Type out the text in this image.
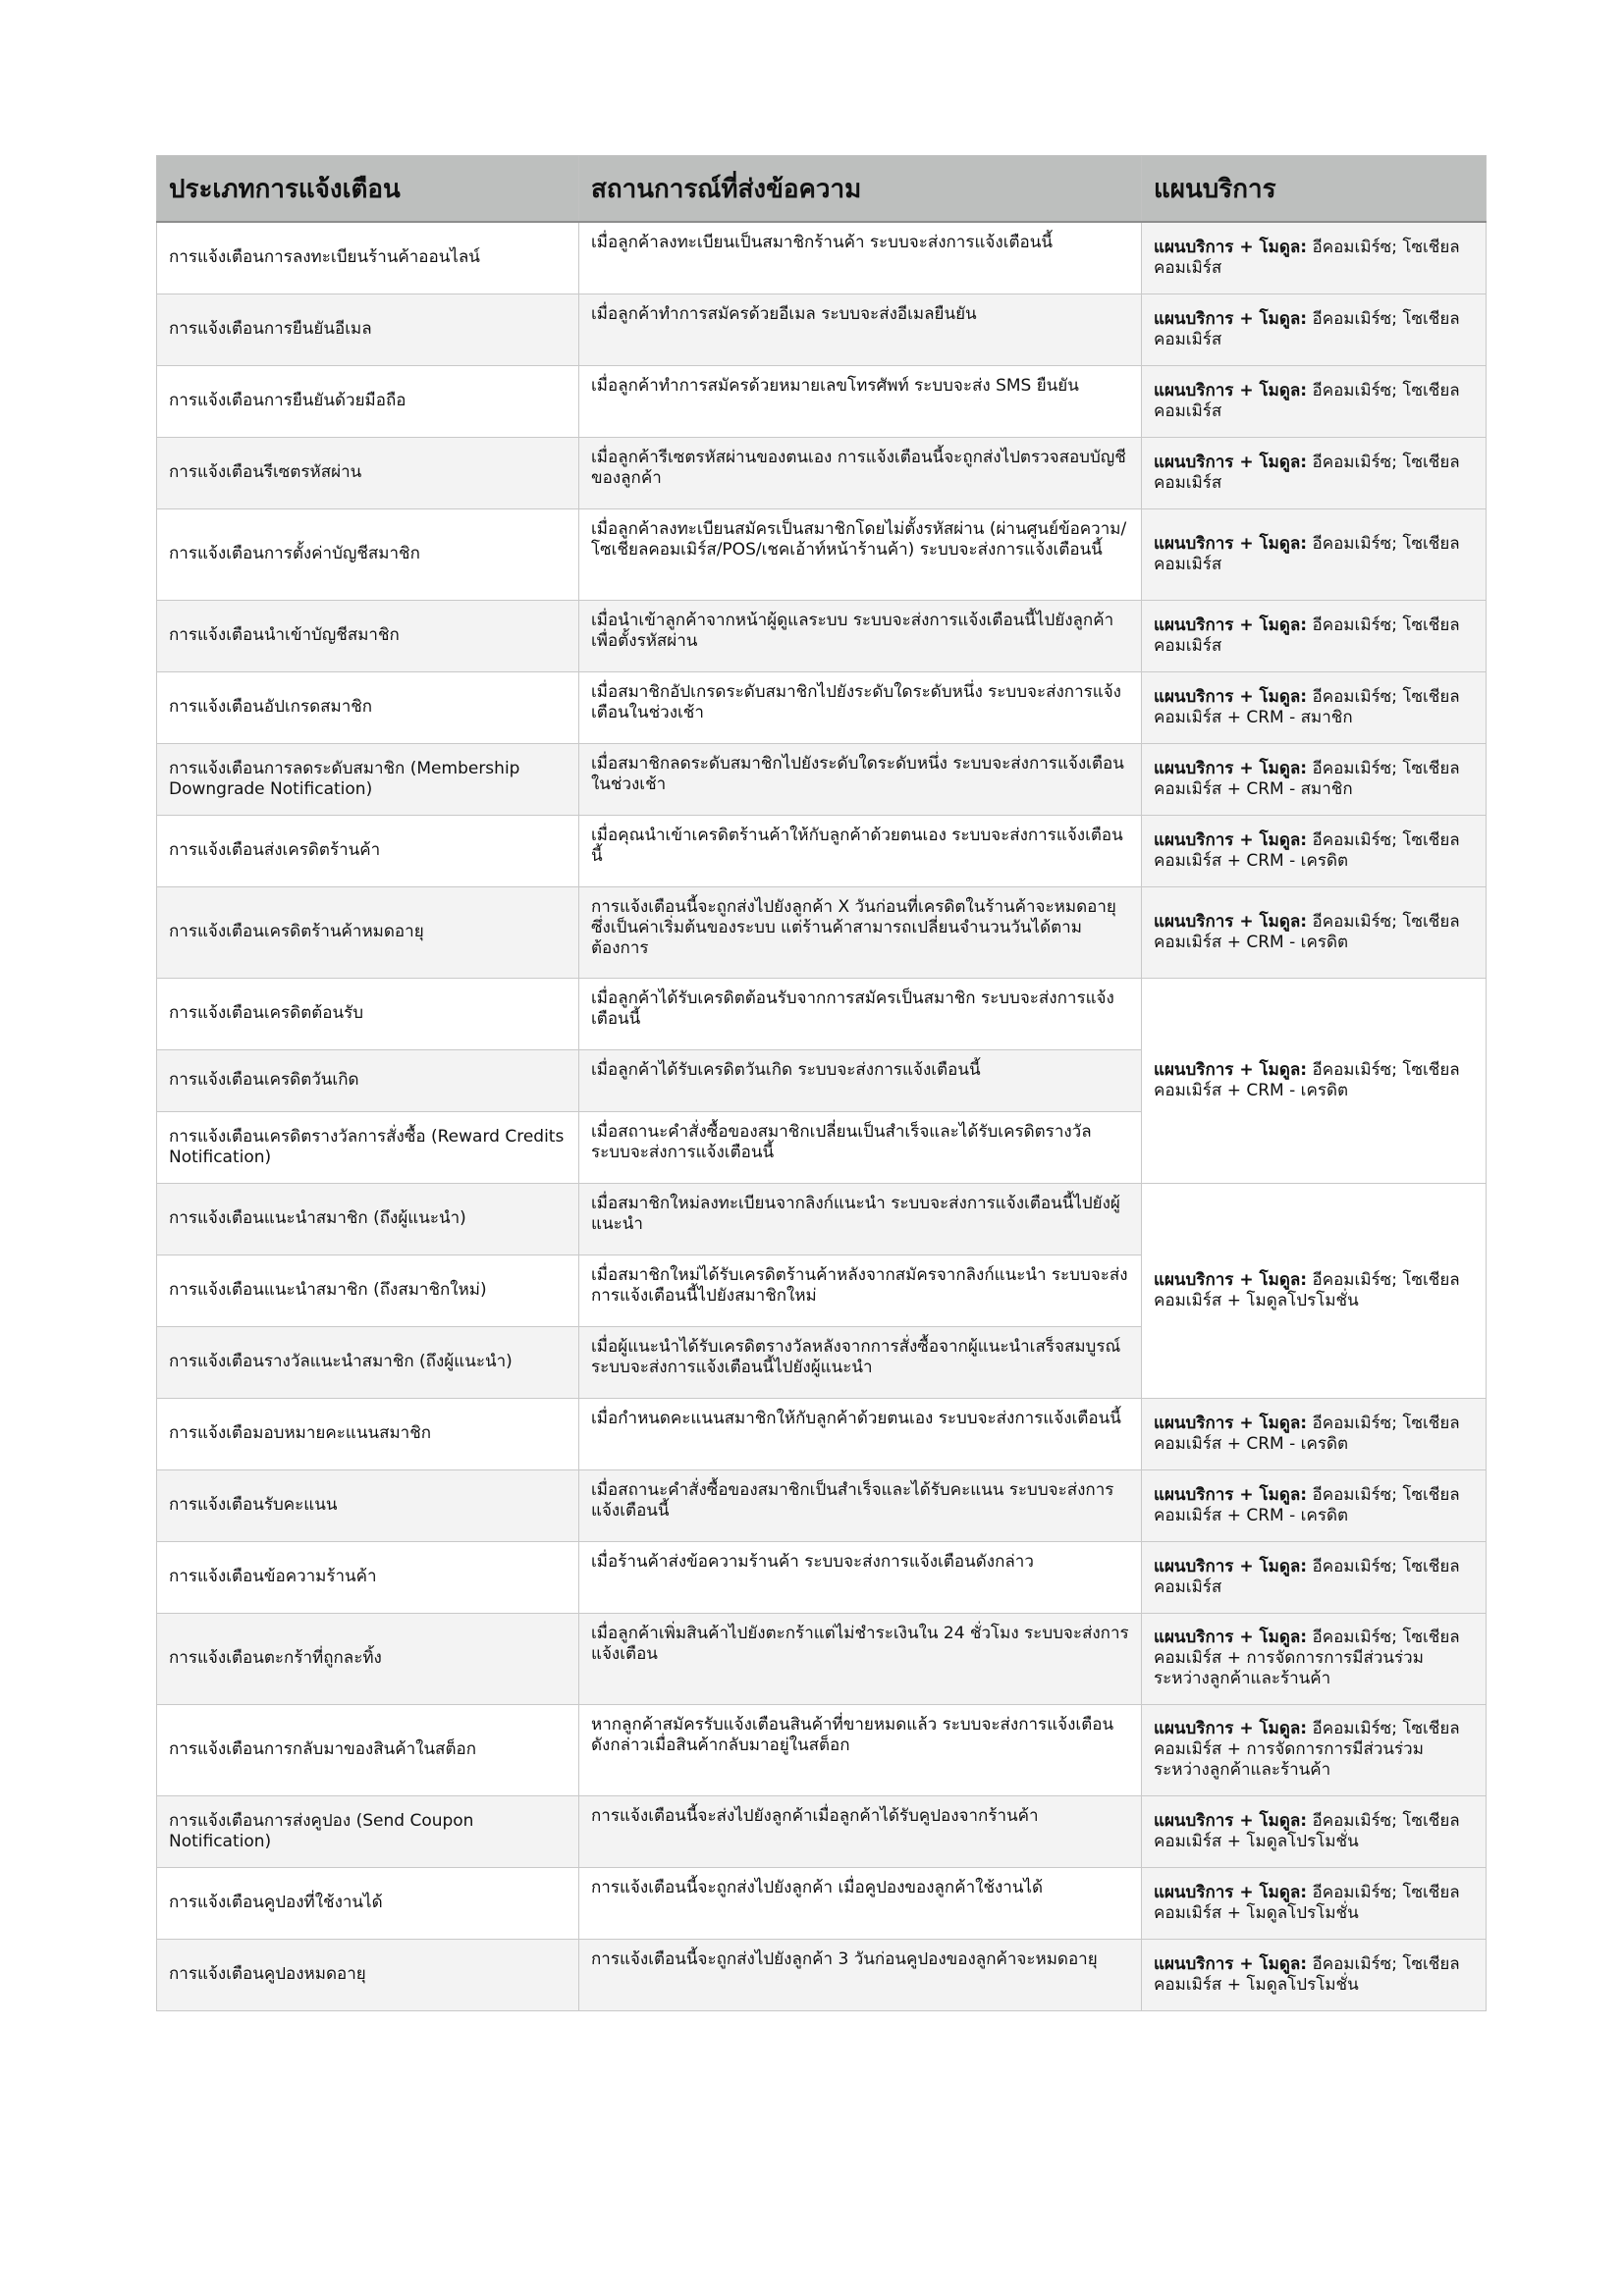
ประเภทการแจ้งเตือน	สถานการณ์ที่ส่งข้อความ	แผนบริการ
การแจ้งเตือนการลงทะเบียนร้านค้าออนไลน์	เมื่อลูกค้าลงทะเบียนเป็นสมาชิกร้านค้า ระบบจะส่งการแจ้งเตือนนี้	แผนบริการ + โมดูล: อีคอมเมิร์ซ; โซเชียลคอมเมิร์ส
การแจ้งเตือนการยืนยันอีเมล	เมื่อลูกค้าทำการสมัครด้วยอีเมล ระบบจะส่งอีเมลยืนยัน	แผนบริการ + โมดูล: อีคอมเมิร์ซ; โซเชียลคอมเมิร์ส
การแจ้งเตือนการยืนยันด้วยมือถือ	เมื่อลูกค้าทำการสมัครด้วยหมายเลขโทรศัพท์ ระบบจะส่ง SMS ยืนยัน	แผนบริการ + โมดูล: อีคอมเมิร์ซ; โซเชียลคอมเมิร์ส
การแจ้งเตือนรีเซตรหัสผ่าน	เมื่อลูกค้ารีเซตรหัสผ่านของตนเอง การแจ้งเตือนนี้จะถูกส่งไปตรวจสอบบัญชีของลูกค้า	แผนบริการ + โมดูล: อีคอมเมิร์ซ; โซเชียลคอมเมิร์ส
การแจ้งเตือนการตั้งค่าบัญชีสมาชิก	เมื่อลูกค้าลงทะเบียนสมัครเป็นสมาชิกโดยไม่ตั้งรหัสผ่าน (ผ่านศูนย์ข้อความ/โซเชียลคอมเมิร์ส/POS/เชคเอ้าท์หน้าร้านค้า) ระบบจะส่งการแจ้งเตือนนี้	แผนบริการ + โมดูล: อีคอมเมิร์ซ; โซเชียลคอมเมิร์ส
การแจ้งเตือนนำเข้าบัญชีสมาชิก	เมื่อนำเข้าลูกค้าจากหน้าผู้ดูแลระบบ ระบบจะส่งการแจ้งเตือนนี้ไปยังลูกค้าเพื่อตั้งรหัสผ่าน	แผนบริการ + โมดูล: อีคอมเมิร์ซ; โซเชียลคอมเมิร์ส
การแจ้งเตือนอัปเกรดสมาชิก	เมื่อสมาชิกอัปเกรดระดับสมาชิกไปยังระดับใดระดับหนึ่ง ระบบจะส่งการแจ้งเตือนในช่วงเช้า	แผนบริการ + โมดูล: อีคอมเมิร์ซ; โซเชียลคอมเมิร์ส + CRM - สมาชิก
การแจ้งเตือนการลดระดับสมาชิก (Membership Downgrade Notification)	เมื่อสมาชิกลดระดับสมาชิกไปยังระดับใดระดับหนึ่ง ระบบจะส่งการแจ้งเตือนในช่วงเช้า	แผนบริการ + โมดูล: อีคอมเมิร์ซ; โซเชียลคอมเมิร์ส + CRM - สมาชิก
การแจ้งเตือนส่งเครดิตร้านค้า	เมื่อคุณนำเข้าเครดิตร้านค้าให้กับลูกค้าด้วยตนเอง ระบบจะส่งการแจ้งเตือนนี้	แผนบริการ + โมดูล: อีคอมเมิร์ซ; โซเชียลคอมเมิร์ส + CRM - เครดิต
การแจ้งเตือนเครดิตร้านค้าหมดอายุ	การแจ้งเตือนนี้จะถูกส่งไปยังลูกค้า X วันก่อนที่เครดิตในร้านค้าจะหมดอายุซึ่งเป็นค่าเริ่มต้นของระบบ แต่ร้านค้าสามารถเปลี่ยนจำนวนวันได้ตามต้องการ	แผนบริการ + โมดูล: อีคอมเมิร์ซ; โซเชียลคอมเมิร์ส + CRM - เครดิต
การแจ้งเตือนเครดิตต้อนรับ	เมื่อลูกค้าได้รับเครดิตต้อนรับจากการสมัครเป็นสมาชิก ระบบจะส่งการแจ้งเตือนนี้	แผนบริการ + โมดูล: อีคอมเมิร์ซ; โซเชียลคอมเมิร์ส + CRM - เครดิต
การแจ้งเตือนเครดิตวันเกิด	เมื่อลูกค้าได้รับเครดิตวันเกิด ระบบจะส่งการแจ้งเตือนนี้	
การแจ้งเตือนเครดิตรางวัลการสั่งซื้อ (Reward Credits Notification)	เมื่อสถานะคำสั่งซื้อของสมาชิกเปลี่ยนเป็นสำเร็จและได้รับเครดิตรางวัล ระบบจะส่งการแจ้งเตือนนี้	
การแจ้งเตือนแนะนำสมาชิก (ถึงผู้แนะนำ)	เมื่อสมาชิกใหม่ลงทะเบียนจากลิงก์แนะนำ ระบบจะส่งการแจ้งเตือนนี้ไปยังผู้แนะนำ	แผนบริการ + โมดูล: อีคอมเมิร์ซ; โซเชียลคอมเมิร์ส + โมดูลโปรโมชั่น
การแจ้งเตือนแนะนำสมาชิก (ถึงสมาชิกใหม่)	เมื่อสมาชิกใหม่ได้รับเครดิตร้านค้าหลังจากสมัครจากลิงก์แนะนำ ระบบจะส่งการแจ้งเตือนนี้ไปยังสมาชิกใหม่	
การแจ้งเตือนรางวัลแนะนำสมาชิก (ถึงผู้แนะนำ)	เมื่อผู้แนะนำได้รับเครดิตรางวัลหลังจากการสั่งซื้อจากผู้แนะนำเสร็จสมบูรณ์ ระบบจะส่งการแจ้งเตือนนี้ไปยังผู้แนะนำ	
การแจ้งเตือมอบหมายคะแนนสมาชิก	เมื่อกำหนดคะแนนสมาชิกให้กับลูกค้าด้วยตนเอง ระบบจะส่งการแจ้งเตือนนี้	แผนบริการ + โมดูล: อีคอมเมิร์ซ; โซเชียลคอมเมิร์ส + CRM - เครดิต
การแจ้งเตือนรับคะแนน	เมื่อสถานะคำสั่งซื้อของสมาชิกเป็นสำเร็จและได้รับคะแนน ระบบจะส่งการแจ้งเตือนนี้	แผนบริการ + โมดูล: อีคอมเมิร์ซ; โซเชียลคอมเมิร์ส + CRM - เครดิต
การแจ้งเตือนข้อความร้านค้า	เมื่อร้านค้าส่งข้อความร้านค้า ระบบจะส่งการแจ้งเตือนดังกล่าว	แผนบริการ + โมดูล: อีคอมเมิร์ซ; โซเชียลคอมเมิร์ส
การแจ้งเตือนตะกร้าที่ถูกละทิ้ง	เมื่อลูกค้าเพิ่มสินค้าไปยังตะกร้าแต่ไม่ชำระเงินใน 24 ชั่วโมง ระบบจะส่งการแจ้งเตือน	แผนบริการ + โมดูล: อีคอมเมิร์ซ; โซเชียลคอมเมิร์ส + การจัดการการมีส่วนร่วมระหว่างลูกค้าและร้านค้า
การแจ้งเตือนการกลับมาของสินค้าในสต็อก	หากลูกค้าสมัครรับแจ้งเตือนสินค้าที่ขายหมดแล้ว ระบบจะส่งการแจ้งเตือนดังกล่าวเมื่อสินค้ากลับมาอยู่ในสต็อก	แผนบริการ + โมดูล: อีคอมเมิร์ซ; โซเชียลคอมเมิร์ส + การจัดการการมีส่วนร่วมระหว่างลูกค้าและร้านค้า
การแจ้งเตือนการส่งคูปอง (Send Coupon Notification)	การแจ้งเตือนนี้จะส่งไปยังลูกค้าเมื่อลูกค้าได้รับคูปองจากร้านค้า	แผนบริการ + โมดูล: อีคอมเมิร์ซ; โซเชียลคอมเมิร์ส + โมดูลโปรโมชั่น
การแจ้งเตือนคูปองที่ใช้งานได้	การแจ้งเตือนนี้จะถูกส่งไปยังลูกค้า เมื่อคูปองของลูกค้าใช้งานได้	แผนบริการ + โมดูล: อีคอมเมิร์ซ; โซเชียลคอมเมิร์ส + โมดูลโปรโมชั่น
การแจ้งเตือนคูปองหมดอายุ	การแจ้งเตือนนี้จะถูกส่งไปยังลูกค้า 3 วันก่อนคูปองของลูกค้าจะหมดอายุ	แผนบริการ + โมดูล: อีคอมเมิร์ซ; โซเชียลคอมเมิร์ส + โมดูลโปรโมชั่น
